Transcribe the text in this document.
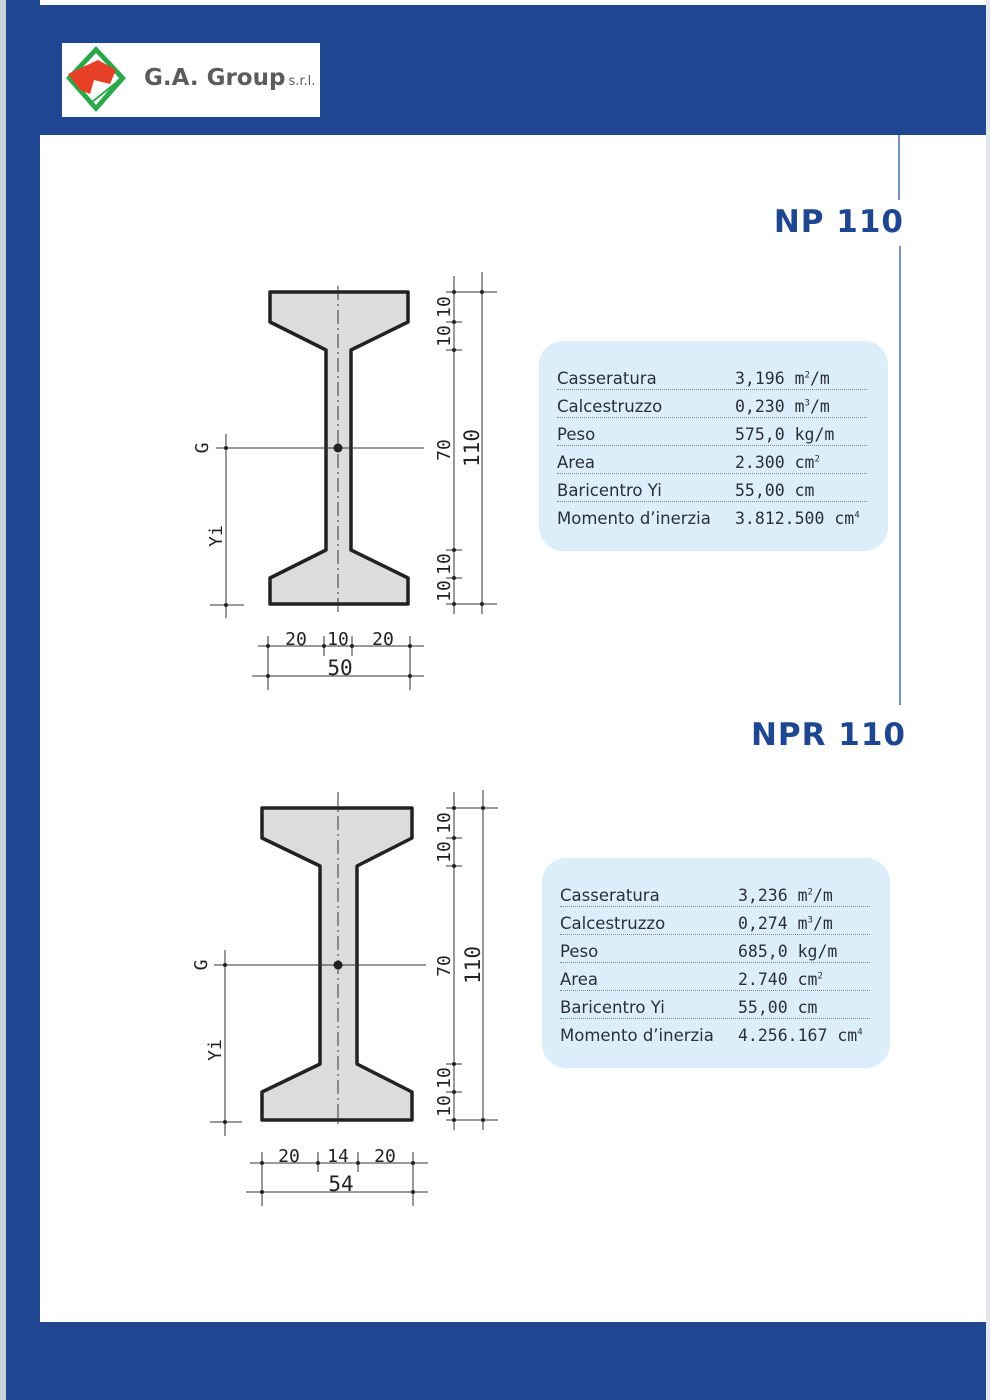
G.A. Group s.r.l.
NP 110
NPR 110
G
Yi
10
10
70
10
10
110
20 10 20
50
G
Yi
10
10
70
10
10
110
20 14 20
54
Casseratura	3,196 $m^2/m$
Calcestruzzo	0,230 $m^3/m$
Peso	575,0 kg/m
Area	2.300 $cm^2$
Baricentro Yi	55,00 cm
Momento d’inerzia 3.812.500 $cm^4$
Casseratura	3,236 $m^2/m$
Calcestruzzo	0,274 $m^3/m$
Peso	685,0 kg/m
Area	2.740 $cm^2$
Baricentro Yi	55,00 cm
Momento d’inerzia 4.256.167 $cm^4$
